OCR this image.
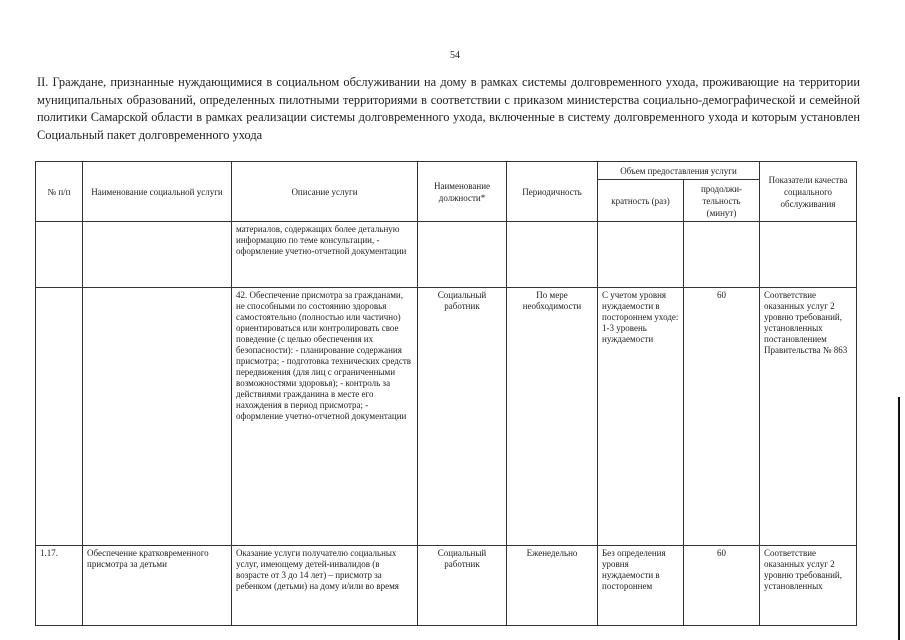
54
II. Граждане, признанные нуждающимися в социальном обслуживании на дому в рамках системы долговременного ухода, проживающие на территории муниципальных образований, определенных пилотными территориями в соответствии с приказом министерства социально-демографической и семейной политики Самарской области в рамках реализации системы долговременного ухода, включенные в систему долговременного ухода и которым установлен Социальный пакет долговременного ухода
№ п/п	Наименование социальной услуги	Описание услуги	Наименование должности*	Периодичность	Объем предоставления услуги		Показатели качества социального обслуживания
					кратность (раз)	продолжи-тельность (минут)	
		материалов, содержащих более детальную информацию по теме консультации, - оформление учетно-отчетной документации					
		42. Обеспечение присмотра за гражданами, не способными по состоянию здоровья самостоятельно (полностью или частично) ориентироваться или контролировать свое поведение (с целью обеспечения их безопасности): - планирование содержания присмотра; - подготовка технических средств передвижения (для лиц с ограниченными возможностями здоровья); - контроль за действиями гражданина в месте его нахождения в период присмотра; - оформление учетно-отчетной документации	Социальный работник	По мере необходимости	С учетом уровня нуждаемости в постороннем уходе: 1-3 уровень нуждаемости	60	Соответствие оказанных услуг 2 уровню требований, установленных постановлением Правительства № 863
1.17.	Обеспечение кратковременного присмотра за детьми	Оказание услуги получателю социальных услуг, имеющему детей-инвалидов (в возрасте от 3 до 14 лет) – присмотр за ребенком (детьми) на дому и/или во время	Социальный работник	Еженедельно	Без определения уровня нуждаемости в постороннем	60	Соответствие оказанных услуг 2 уровню требований, установленных
